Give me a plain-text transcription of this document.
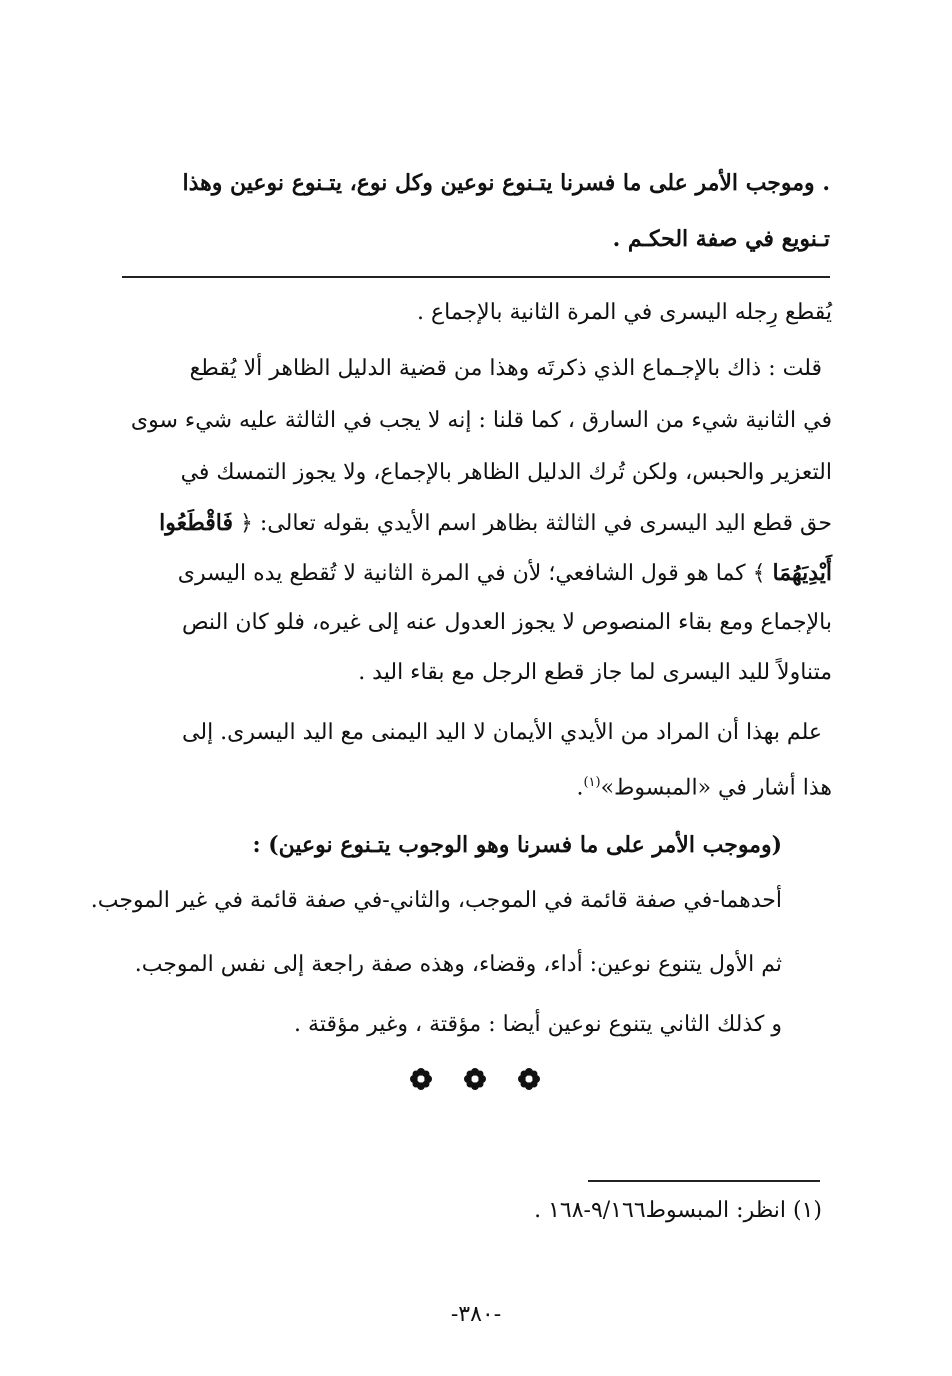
. وموجب الأمر على ما فسرنا يتـنوع نوعين وكل نوع، يتـنوع نوعين وهذا
تـنويع في صفة الحكـم .
يُقطع رِجله اليسرى في المرة الثانية بالإجماع .
قلت : ذاك بالإجـماع الذي ذكرتَه وهذا من قضية الدليل الظاهر ألا يُقطع
في الثانية شيء من السارق ، كما قلنا : إنه لا يجب في الثالثة عليه شيء سوى
التعزير والحبس، ولكن تُرك الدليل الظاهر بالإجماع، ولا يجوز التمسك في
حق قطع اليد اليسرى في الثالثة بظاهر اسم الأيدي بقوله تعالى: ﴿ فَاقْطَعُوا
أَيْدِيَهُمَا ﴾ كما هو قول الشافعي؛ لأن في المرة الثانية لا تُقطع يده اليسرى
بالإجماع ومع بقاء المنصوص لا يجوز العدول عنه إلى غيره، فلو كان النص
متناولاً لليد اليسرى لما جاز قطع الرجل مع بقاء اليد .
علم بهذا أن المراد من الأيدي الأيمان لا اليد اليمنى مع اليد اليسرى. إلى
هذا أشار في «المبسوط»$^{(١)}$.
(وموجب الأمر على ما فسرنا وهو الوجوب يتـنوع نوعين) :
أحدهما-في صفة قائمة في الموجب، والثاني-في صفة قائمة في غير الموجب.
ثم الأول يتنوع نوعين: أداء، وقضاء، وهذه صفة راجعة إلى نفس الموجب.
و كذلك الثاني يتنوع نوعين أيضا : مؤقتة ، وغير مؤقتة .
(١) انظر: المبسوط٩/١٦٦-١٦٨ .
-٣٨٠-
